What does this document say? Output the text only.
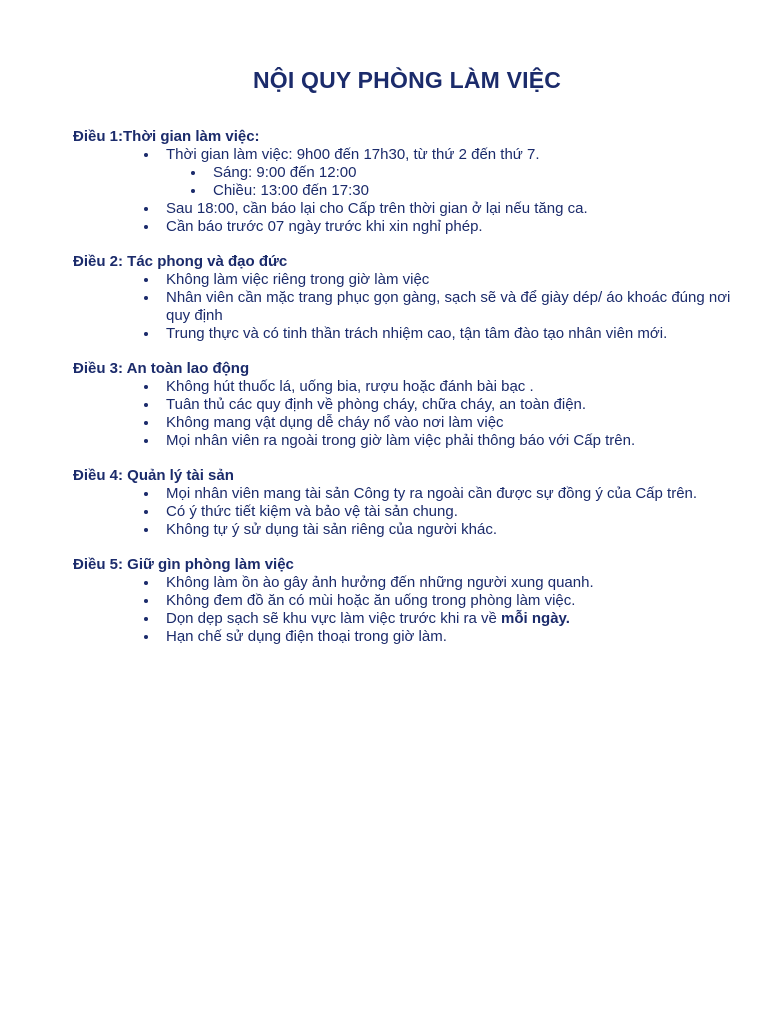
NỘI QUY PHÒNG LÀM VIỆC

Điều 1:Thời gian làm việc:

Thời gian làm việc: 9h00 đến 17h30, từ thứ 2 đến thứ 7.
Sáng: 9:00 đến 12:00
Chiều: 13:00 đến 17:30
Sau 18:00, cần báo lại cho Cấp trên thời gian ở lại nếu tăng ca.
Cần báo trước 07 ngày trước khi xin nghỉ phép.

Điều 2: Tác phong và đạo đức

Không làm việc riêng trong giờ làm việc
Nhân viên cần mặc trang phục gọn gàng, sạch sẽ và để giày dép/ áo khoác đúng nơi quy định
Trung thực và có tinh thần trách nhiệm cao, tận tâm đào tạo nhân viên mới.

Điều 3: An toàn lao động

Không hút thuốc lá, uống bia, rượu hoặc đánh bài bạc .
Tuân thủ các quy định về phòng cháy, chữa cháy, an toàn điện.
Không mang vật dụng dễ cháy nổ vào nơi làm việc
Mọi nhân viên ra ngoài trong giờ làm việc phải thông báo với Cấp trên.

Điều 4: Quản lý tài sản

Mọi nhân viên mang tài sản Công ty ra ngoài cần được sự đồng ý của Cấp trên.
Có ý thức tiết kiệm và bảo vệ tài sản chung.
Không tự ý sử dụng tài sản riêng của người khác.

Điều 5: Giữ gìn phòng làm việc

Không làm ồn ào gây ảnh hưởng đến những người xung quanh.
Không đem đồ ăn có mùi hoặc ăn uống trong phòng làm việc.
Dọn dẹp sạch sẽ khu vực làm việc trước khi ra về mỗi ngày.
Hạn chế sử dụng điện thoại trong giờ làm.
